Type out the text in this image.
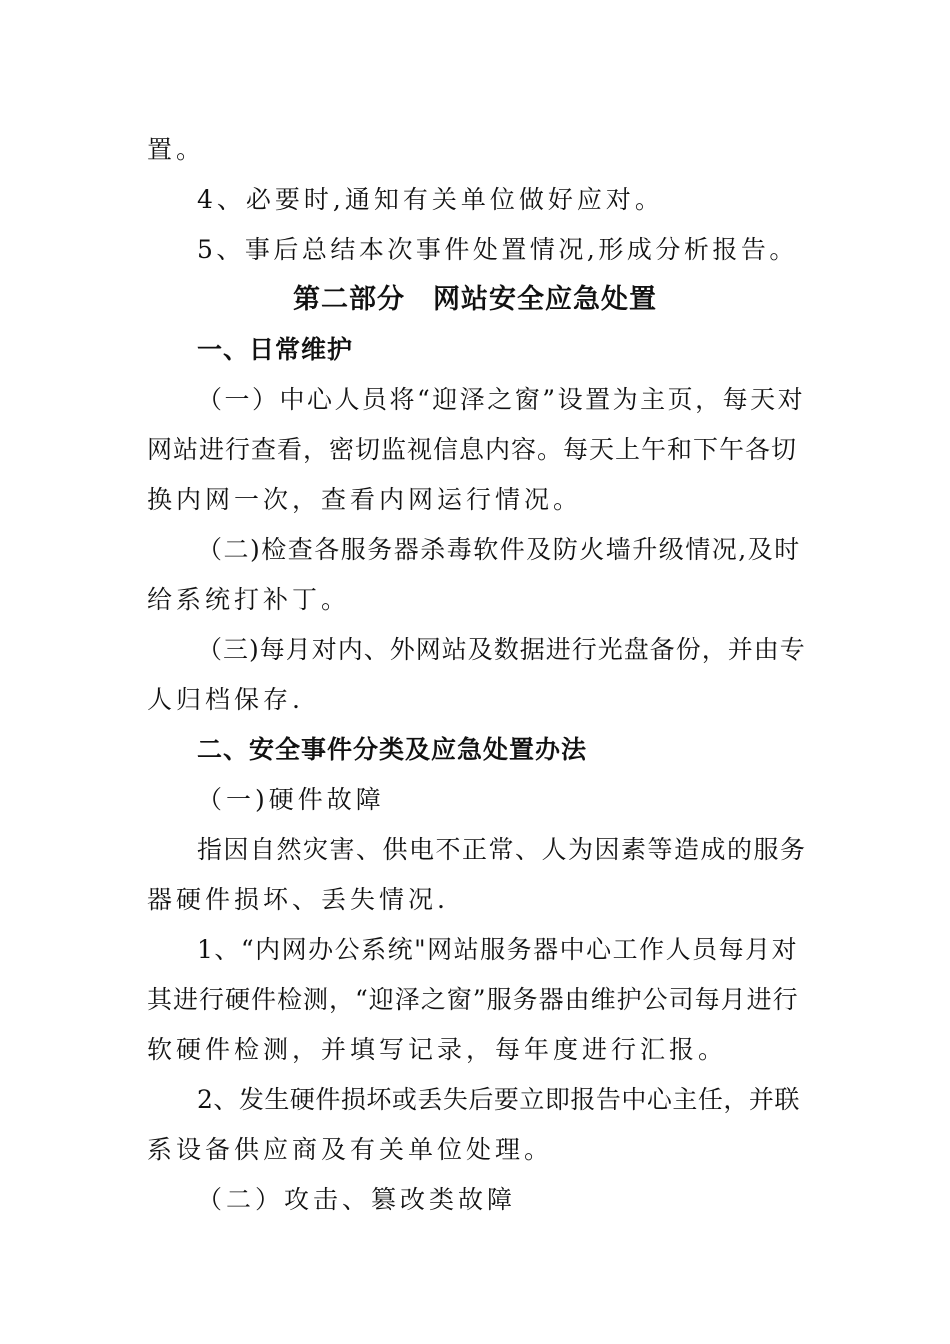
置。
4、必要时,通知有关单位做好应对。
5、事后总结本次事件处置情况,形成分析报告。
第二部分　网站安全应急处置
一、日常维护
（一）中心人员将“迎泽之窗”设置为主页，每天对
网站进行查看，密切监视信息内容。每天上午和下午各切
换内网一次，查看内网运行情况。
（二)检查各服务器杀毒软件及防火墙升级情况,及时
给系统打补丁。
（三)每月对内、外网站及数据进行光盘备份，并由专
人归档保存.
二、安全事件分类及应急处置办法
（一)硬件故障
指因自然灾害、供电不正常、人为因素等造成的服务
器硬件损坏、丢失情况.
1、“内网办公系统"网站服务器中心工作人员每月对
其进行硬件检测，“迎泽之窗”服务器由维护公司每月进行
软硬件检测，并填写记录，每年度进行汇报。
2、发生硬件损坏或丢失后要立即报告中心主任，并联
系设备供应商及有关单位处理。
（二）攻击、篡改类故障
